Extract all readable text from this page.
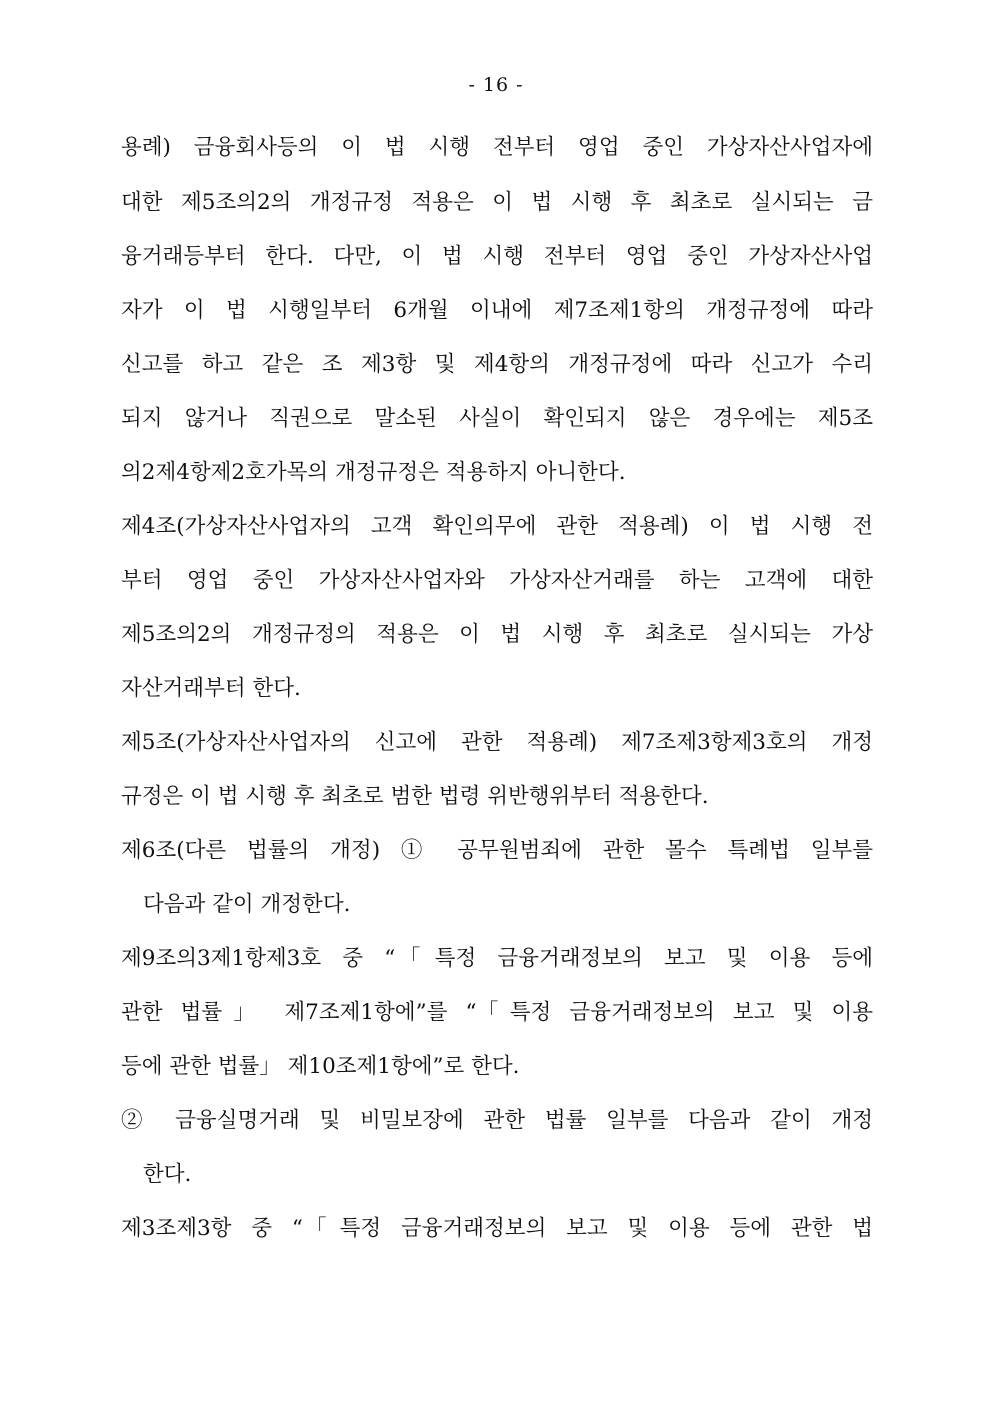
- 16 -
용례) 금융회사등의 이 법 시행 전부터 영업 중인 가상자산사업자에
대한 제5조의2의 개정규정 적용은 이 법 시행 후 최초로 실시되는 금
융거래등부터 한다. 다만, 이 법 시행 전부터 영업 중인 가상자산사업
자가 이 법 시행일부터 6개월 이내에 제7조제1항의 개정규정에 따라
신고를 하고 같은 조 제3항 및 제4항의 개정규정에 따라 신고가 수리
되지 않거나 직권으로 말소된 사실이 확인되지 않은 경우에는 제5조
의2제4항제2호가목의 개정규정은 적용하지 아니한다.
제4조(가상자산사업자의 고객 확인의무에 관한 적용례) 이 법 시행 전
부터 영업 중인 가상자산사업자와 가상자산거래를 하는 고객에 대한
제5조의2의 개정규정의 적용은 이 법 시행 후 최초로 실시되는 가상
자산거래부터 한다.
제5조(가상자산사업자의 신고에 관한 적용례) 제7조제3항제3호의 개정
규정은 이 법 시행 후 최초로 범한 법령 위반행위부터 적용한다.
제6조(다른 법률의 개정) ① 공무원범죄에 관한 몰수 특례법 일부를
다음과 같이 개정한다.
제9조의3제1항제3호 중 “「특정 금융거래정보의 보고 및 이용 등에
관한 법률」 제7조제1항에”를 “「특정 금융거래정보의 보고 및 이용
등에 관한 법률」 제10조제1항에”로 한다.
② 금융실명거래 및 비밀보장에 관한 법률 일부를 다음과 같이 개정
한다.
제3조제3항 중 “「특정 금융거래정보의 보고 및 이용 등에 관한 법
